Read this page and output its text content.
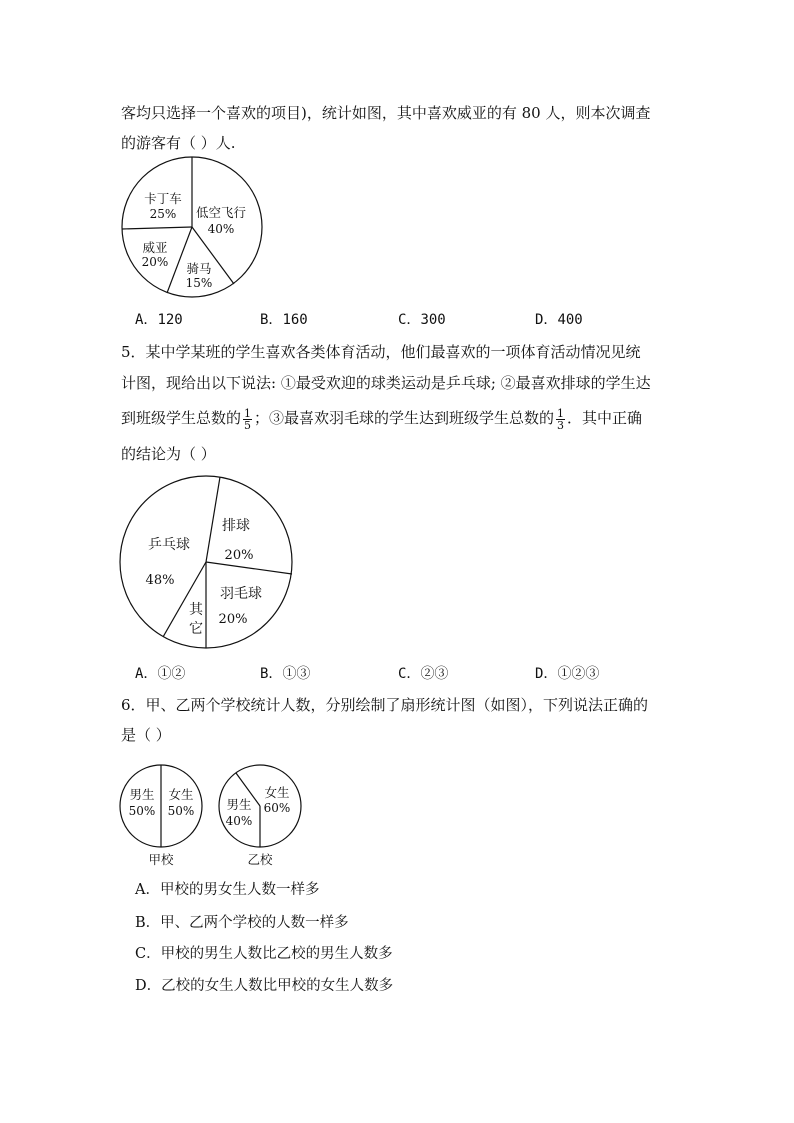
客均只选择一个喜欢的项目)，统计如图，其中喜欢威亚的有 80 人，则本次调查
的游客有（ ）人.
卡丁车
25% 低空飞行
40%
骑马
15%
威亚
20%
A．120	B．160	C．300	D．400
5．某中学某班的学生喜欢各类体育活动，他们最喜欢的一项体育活动情况见统
计图，现给出以下说法: ①最受欢迎的球类运动是乒乓球; ②最喜欢排球的学生达
到班级学生总数的 $\frac{1}{5}$ ；③最喜欢羽毛球的学生达到班级学生总数的 $\frac{1}{3}$ ．其中正确
的结论为（ ）
乒乓球
48%
排球
20%
羽毛球
20%
其
它
A．①②	B．①③	C．②③	D．①②③
6．甲、乙两个学校统计人数，分别绘制了扇形统计图（如图），下列说法正确的
是（ ）
男生
50%
女生
50%
甲校
女生
60%
男生
40%
乙校
A．甲校的男女生人数一样多
B．甲、乙两个学校的人数一样多
C．甲校的男生人数比乙校的男生人数多
D．乙校的女生人数比甲校的女生人数多
